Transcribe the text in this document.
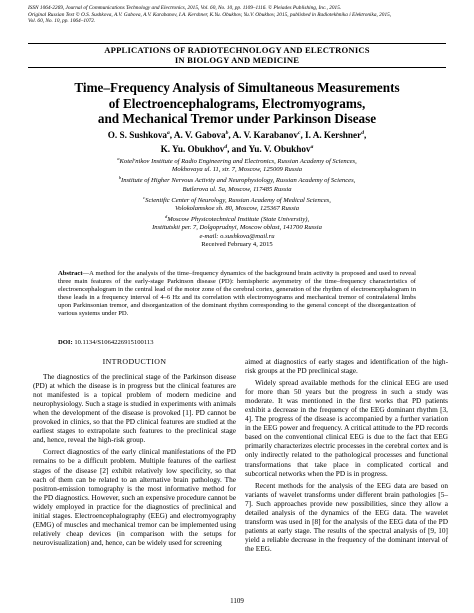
ISSN 1064-2269, Journal of Communications Technology and Electronics, 2015, Vol. 60, No. 10, pp. 1109–1116. © Pleiades Publishing, Inc., 2015.
Original Russian Text © O.S. Sushkova, A.V. Gabova, A.V. Karabanov, I.A. Kershner, K.Yu. Obukhov, Yu.V. Obukhov, 2015, published in Radiotekhnika i Elektronika, 2015,
Vol. 60, No. 10, pp. 1064–1072.
APPLICATIONS OF RADIOTECHNOLOGY AND ELECTRONICS
IN BIOLOGY AND MEDICINE
Time–Frequency Analysis of Simultaneous Measurements
of Electroencephalograms, Electromyograms,
and Mechanical Tremor under Parkinson Disease
O. S. Sushkova$^a$, A. V. Gabova$^b$, A. V. Karabanov$^c$, I. A. Kershner$^d$,
K. Yu. Obukhov$^d$, and Yu. V. Obukhov$^a$
$^a$Kotel'nikov Institute of Radio Engineering and Electronics, Russian Academy of Sciences,
Mokhovaya ul. 11, str. 7, Moscow, 125009 Russia
$^b$Institute of Higher Nervous Activity and Neurophysiology, Russian Academy of Sciences,
Butlerova ul. 5a, Moscow, 117485 Russia
$^c$Scientific Center of Neurology, Russian Academy of Medical Sciences,
Volokolamskoe sh. 80, Moscow, 125367 Russia
$^d$Moscow Physicotechnical Institute (State University),
Institutskii per. 7, Dolgoprudnyi, Moscow oblast, 141700 Russia
e-mail: o.sushkova@mail.ru
Received February 4, 2015
Abstract—A method for the analysis of the time–frequency dynamics of the background brain activity is proposed and used to reveal three main features of the early-stage Parkinson disease (PD): hemispheric asymmetry of the time–frequency characteristics of electroencephalogram in the central lead of the motor zone of the cerebral cortex, generation of the rhythm of electroencephalogram in these leads in a frequency interval of 4–6 Hz and its correlation with electromyograms and mechanical tremor of contralateral limbs upon Parkinsonian tremor, and disorganization of the dominant rhythm corresponding to the general concept of the disorganization of various systems under PD.
DOI: 10.1134/S1064226915100113

INTRODUCTION

The diagnostics of the preclinical stage of the Parkinson disease (PD) at which the disease is in progress but the clinical features are not manifested is a topical problem of modern medicine and neurophysiology. Such a stage is studied in experiments with animals when the development of the disease is provoked [1]. PD cannot be provoked in clinics, so that the PD clinical features are studied at the earliest stages to extrapolate such features to the preclinical stage and, hence, reveal the high-risk group.

Correct diagnostics of the early clinical manifestations of the PD remains to be a difficult problem. Multiple features of the earliest stages of the disease [2] exhibit relatively low specificity, so that each of them can be related to an alternative brain pathology. The positron-emission tomography is the most informative method for the PD diagnostics. However, such an expensive procedure cannot be widely employed in practice for the diagnostics of preclinical and initial stages. Electroencephalography (EEG) and electromyography (EMG) of muscles and mechanical tremor can be implemented using relatively cheap devices (in comparison with the setups for neurovisualization) and, hence, can be widely used for screening

aimed at diagnostics of early stages and identification of the high-risk groups at the PD preclinical stage.

Widely spread available methods for the clinical EEG are used for more than 50 years but the progress in such a study was moderate. It was mentioned in the first works that PD patients exhibit a decrease in the frequency of the EEG dominant rhythm [3, 4]. The progress of the disease is accompanied by a further variation in the EEG power and frequency. A critical attitude to the PD records based on the conventional clinical EEG is due to the fact that EEG primarily characterizes electric processes in the cerebral cortex and is only indirectly related to the pathological processes and functional transformations that take place in complicated cortical and subcortical networks when the PD is in progress.

Recent methods for the analysis of the EEG data are based on variants of wavelet transforms under different brain pathologies [5–7]. Such approaches provide new possibilities, since they allow a detailed analysis of the dynamics of the EEG data. The wavelet transform was used in [8] for the analysis of the EEG data of the PD patients at early stage. The results of the spectral analysis of [9, 10] yield a reliable decrease in the frequency of the dominant interval of the EEG.

1109
